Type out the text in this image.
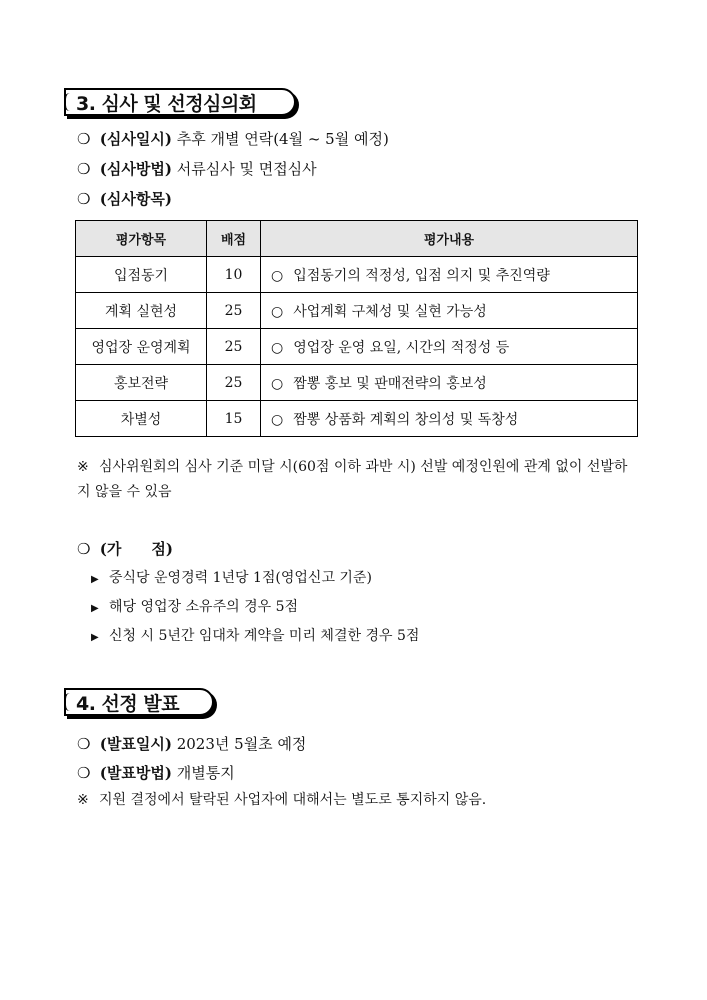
3. 심사 및 선정심의회
❍ (심사일시) 추후 개별 연락(4월 ~ 5월 예정)
❍ (심사방법) 서류심사 및 면접심사
❍ (심사항목)
평가항목	배점	평가내용
입점동기	10	○ 입점동기의 적정성, 입점 의지 및 추진역량
계획 실현성	25	○ 사업계획 구체성 및 실현 가능성
영업장 운영계획	25	○ 영업장 운영 요일, 시간의 적정성 등
홍보전략	25	○ 짬뽕 홍보 및 판매전략의 홍보성
차별성	15	○ 짬뽕 상품화 계획의 창의성 및 독창성
※ 심사위원회의 심사 기준 미달 시(60점 이하 과반 시) 선발 예정인원에 관계 없이 선발하지 않을 수 있음
❍ (가　　점)
▶ 중식당 운영경력 1년당 1점(영업신고 기준)
▶ 해당 영업장 소유주의 경우 5점
▶ 신청 시 5년간 임대차 계약을 미리 체결한 경우 5점
4. 선정 발표
❍ (발표일시) 2023년 5월초 예정
❍ (발표방법) 개별통지
※ 지원 결정에서 탈락된 사업자에 대해서는 별도로 통지하지 않음.
